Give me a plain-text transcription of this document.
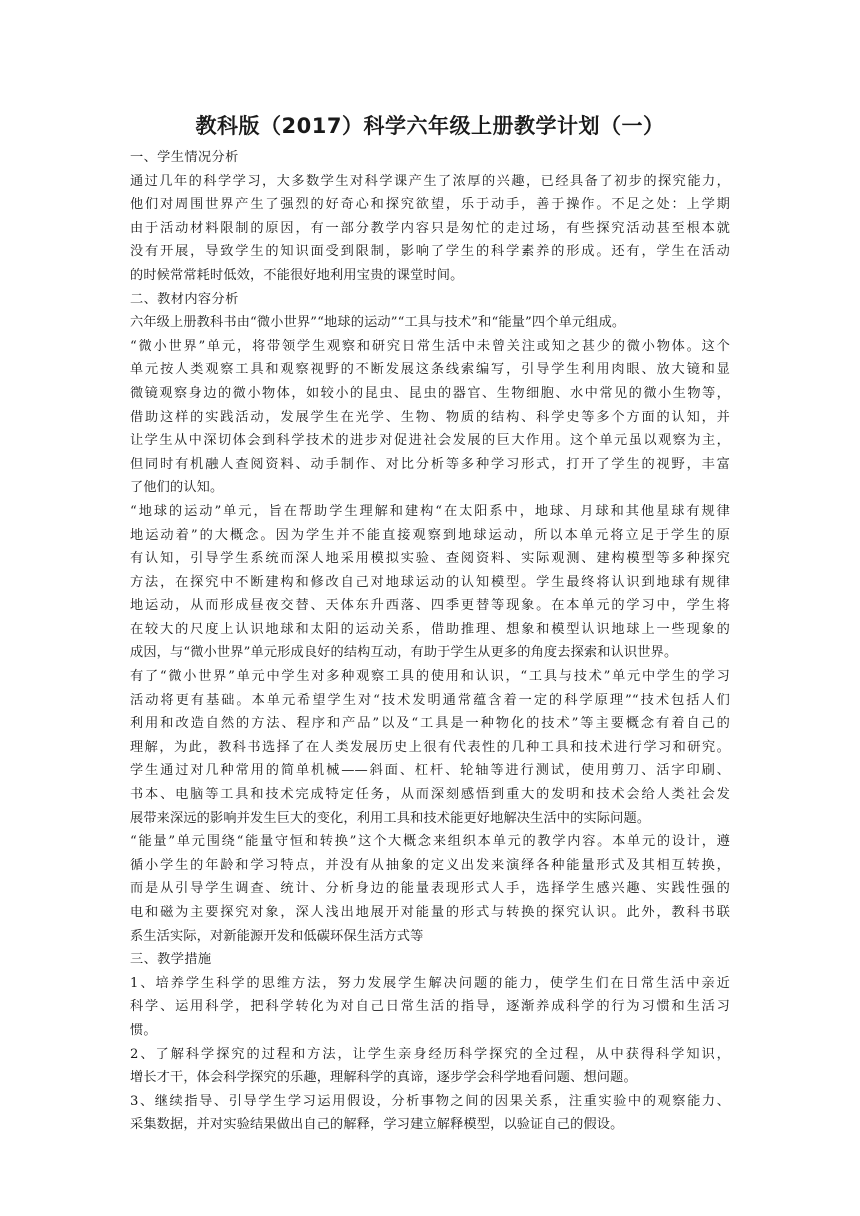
教科版（2017）科学六年级上册教学计划（一）
一、学生情况分析
通过几年的科学学习，大多数学生对科学课产生了浓厚的兴趣，已经具备了初步的探究能力，
他们对周围世界产生了强烈的好奇心和探究欲望，乐于动手，善于操作。不足之处：上学期
由于活动材料限制的原因，有一部分教学内容只是匆忙的走过场，有些探究活动甚至根本就
没有开展，导致学生的知识面受到限制，影响了学生的科学素养的形成。还有，学生在活动
的时候常常耗时低效，不能很好地利用宝贵的课堂时间。
二、教材内容分析
六年级上册教科书由“微小世界”“地球的运动”“工具与技术”和“能量”四个单元组成。
“微小世界”单元，将带领学生观察和研究日常生活中未曾关注或知之甚少的微小物体。这个
单元按人类观察工具和观察视野的不断发展这条线索编写，引导学生利用肉眼、放大镜和显
微镜观察身边的微小物体，如较小的昆虫、昆虫的器官、生物细胞、水中常见的微小生物等，
借助这样的实践活动，发展学生在光学、生物、物质的结构、科学史等多个方面的认知，并
让学生从中深切体会到科学技术的进步对促进社会发展的巨大作用。这个单元虽以观察为主，
但同时有机融人查阅资料、动手制作、对比分析等多种学习形式，打开了学生的视野，丰富
了他们的认知。
“地球的运动”单元，旨在帮助学生理解和建构“在太阳系中，地球、月球和其他星球有规律
地运动着”的大概念。因为学生并不能直接观察到地球运动，所以本单元将立足于学生的原
有认知，引导学生系统而深人地采用模拟实验、查阅资料、实际观测、建构模型等多种探究
方法，在探究中不断建构和修改自己对地球运动的认知模型。学生最终将认识到地球有规律
地运动，从而形成昼夜交替、天体东升西落、四季更替等现象。在本单元的学习中，学生将
在较大的尺度上认识地球和太阳的运动关系，借助推理、想象和模型认识地球上一些现象的
成因，与“微小世界”单元形成良好的结构互动，有助于学生从更多的角度去探索和认识世界。
有了“微小世界”单元中学生对多种观察工具的使用和认识，“工具与技术”单元中学生的学习
活动将更有基础。本单元希望学生对“技术发明通常蕴含着一定的科学原理”“技术包括人们
利用和改造自然的方法、程序和产品”以及“工具是一种物化的技术”等主要概念有着自己的
理解，为此，教科书选择了在人类发展历史上很有代表性的几种工具和技术进行学习和研究。
学生通过对几种常用的简单机械——斜面、杠杆、轮轴等进行测试，使用剪刀、活字印刷、
书本、电脑等工具和技术完成特定任务，从而深刻感悟到重大的发明和技术会给人类社会发
展带来深远的影响并发生巨大的变化，利用工具和技术能更好地解决生活中的实际问题。
“能量”单元围绕“能量守恒和转换”这个大概念来组织本单元的教学内容。本单元的设计，遵
循小学生的年龄和学习特点，并没有从抽象的定义出发来演绎各种能量形式及其相互转换，
而是从引导学生调查、统计、分析身边的能量表现形式人手，选择学生感兴趣、实践性强的
电和磁为主要探究对象，深人浅出地展开对能量的形式与转换的探究认识。此外，教科书联
系生活实际，对新能源开发和低碳环保生活方式等
三、教学措施
1、培养学生科学的思维方法，努力发展学生解决问题的能力，使学生们在日常生活中亲近
科学、运用科学，把科学转化为对自己日常生活的指导，逐渐养成科学的行为习惯和生活习
惯。
2、了解科学探究的过程和方法，让学生亲身经历科学探究的全过程，从中获得科学知识，
增长才干，体会科学探究的乐趣，理解科学的真谛，逐步学会科学地看问题、想问题。
3、继续指导、引导学生学习运用假设，分析事物之间的因果关系，注重实验中的观察能力、
采集数据，并对实验结果做出自己的解释，学习建立解释模型，以验证自己的假设。
